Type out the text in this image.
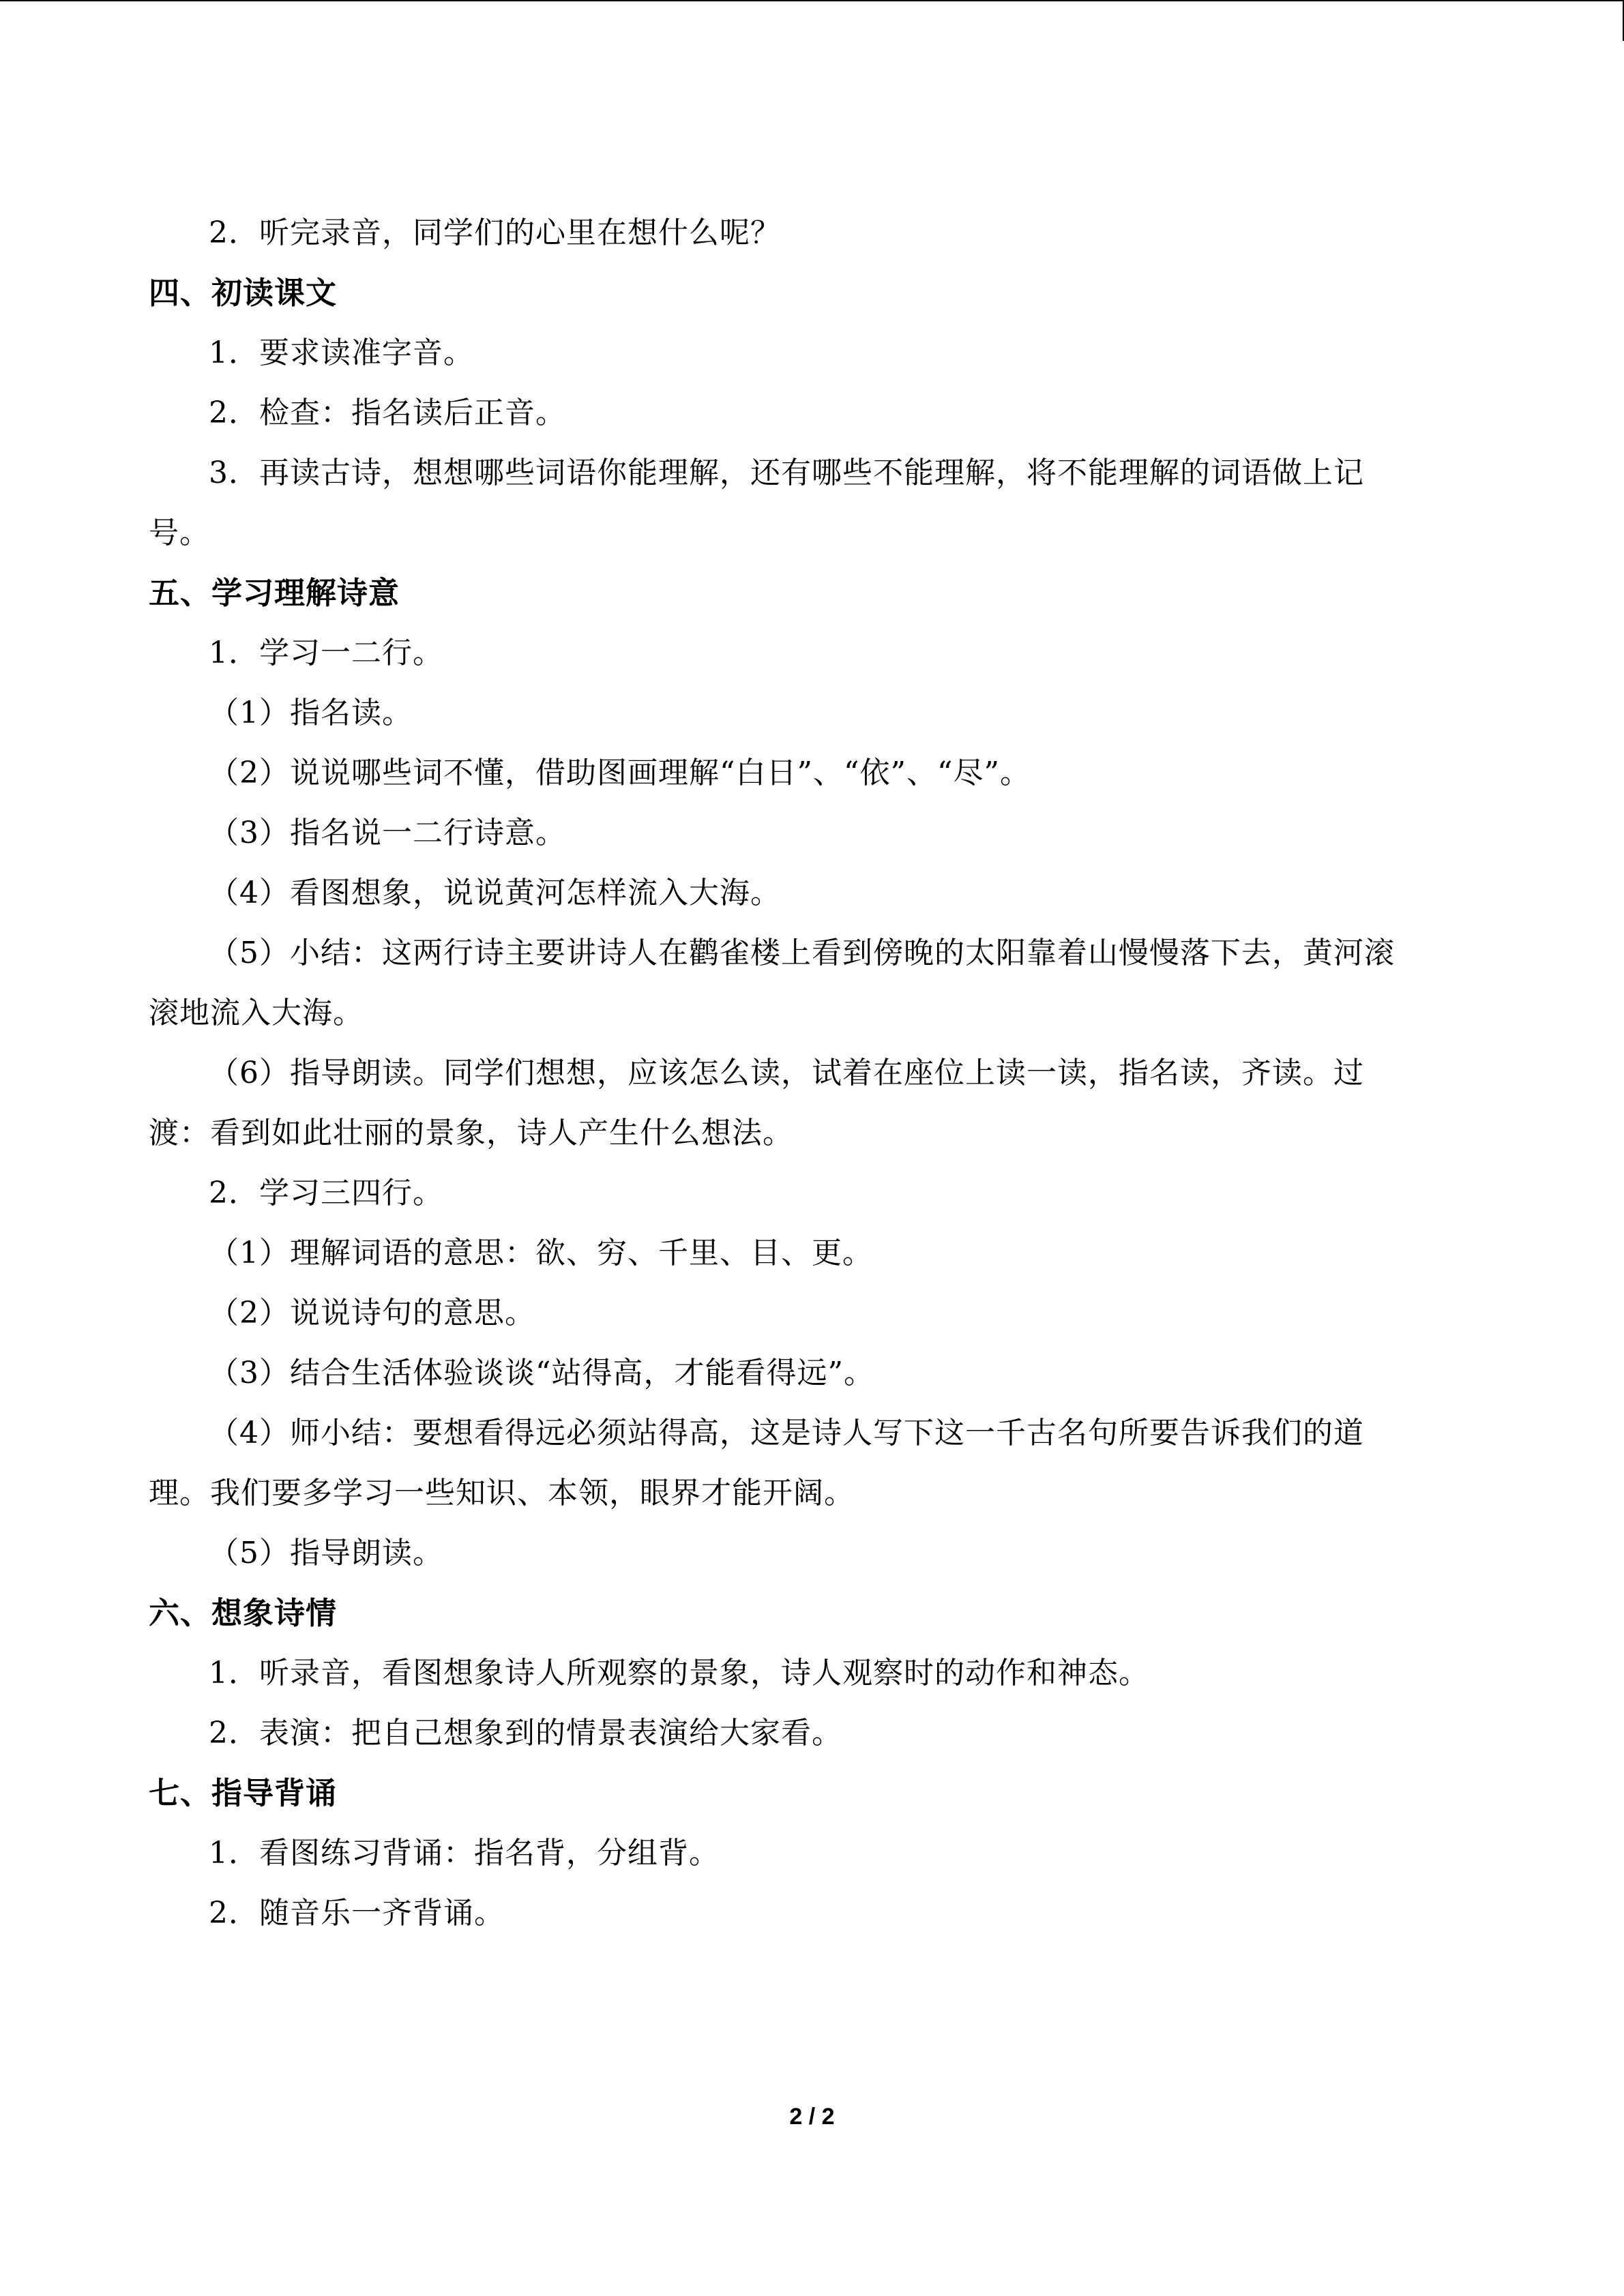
2．听完录音，同学们的心里在想什么呢？
四、初读课文
1．要求读准字音。
2．检查：指名读后正音。
3．再读古诗，想想哪些词语你能理解，还有哪些不能理解，将不能理解的词语做上记
号。
五、学习理解诗意
1．学习一二行。
（1）指名读。
（2）说说哪些词不懂，借助图画理解“白日”、“依”、“尽”。
（3）指名说一二行诗意。
（4）看图想象，说说黄河怎样流入大海。
（5）小结：这两行诗主要讲诗人在鹳雀楼上看到傍晚的太阳靠着山慢慢落下去，黄河滚
滚地流入大海。
（6）指导朗读。同学们想想，应该怎么读，试着在座位上读一读，指名读，齐读。过
渡：看到如此壮丽的景象，诗人产生什么想法。
2．学习三四行。
（1）理解词语的意思：欲、穷、千里、目、更。
（2）说说诗句的意思。
（3）结合生活体验谈谈“站得高，才能看得远”。
（4）师小结：要想看得远必须站得高，这是诗人写下这一千古名句所要告诉我们的道
理。我们要多学习一些知识、本领，眼界才能开阔。
（5）指导朗读。
六、想象诗情
1．听录音，看图想象诗人所观察的景象，诗人观察时的动作和神态。
2．表演：把自己想象到的情景表演给大家看。
七、指导背诵
1．看图练习背诵：指名背，分组背。
2．随音乐一齐背诵。
2 / 2
